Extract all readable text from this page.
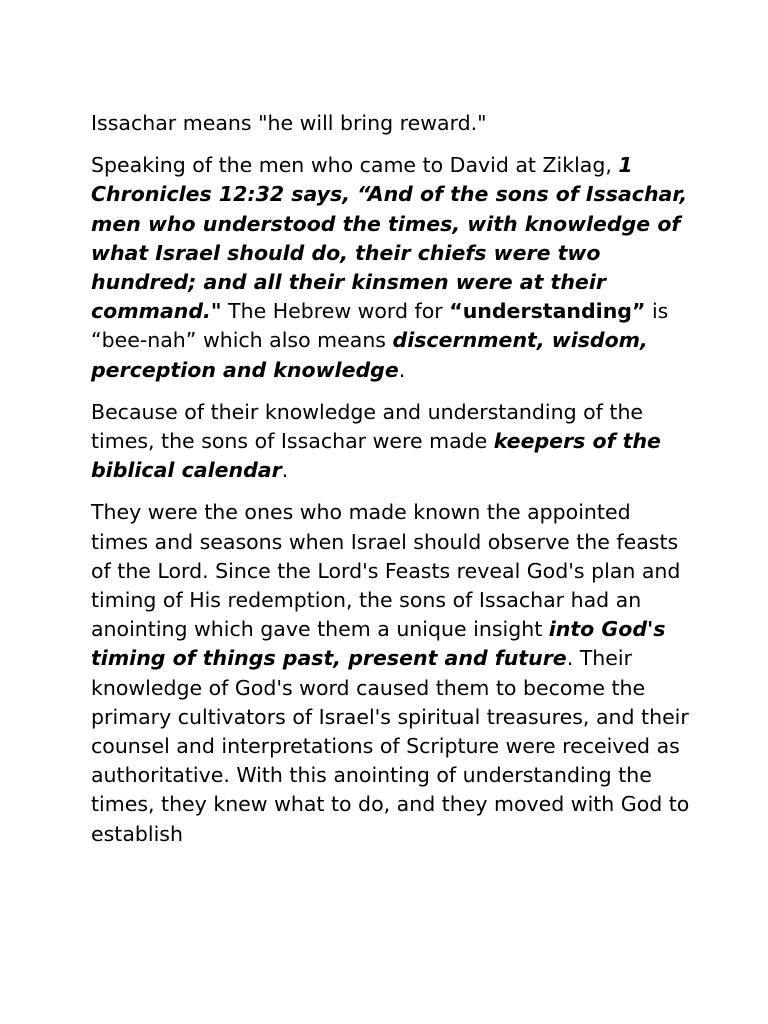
Issachar means "he will bring reward."

Speaking of the men who came to David at Ziklag, 1 Chronicles 12:32 says, “And of the sons of Issachar, men who understood the times, with knowledge of what Israel should do, their chiefs were two hundred; and all their kinsmen were at their command." The Hebrew word for “understanding” is “bee-nah” which also means discernment, wisdom, perception and knowledge.

Because of their knowledge and understanding of the times, the sons of Issachar were made keepers of the biblical calendar.

They were the ones who made known the appointed times and seasons when Israel should observe the feasts of the Lord. Since the Lord's Feasts reveal God's plan and timing of His redemption, the sons of Issachar had an anointing which gave them a unique insight into God's timing of things past, present and future. Their knowledge of God's word caused them to become the primary cultivators of Israel's spiritual treasures, and their counsel and interpretations of Scripture were received as authoritative. With this anointing of understanding the times, they knew what to do, and they moved with God to establish
